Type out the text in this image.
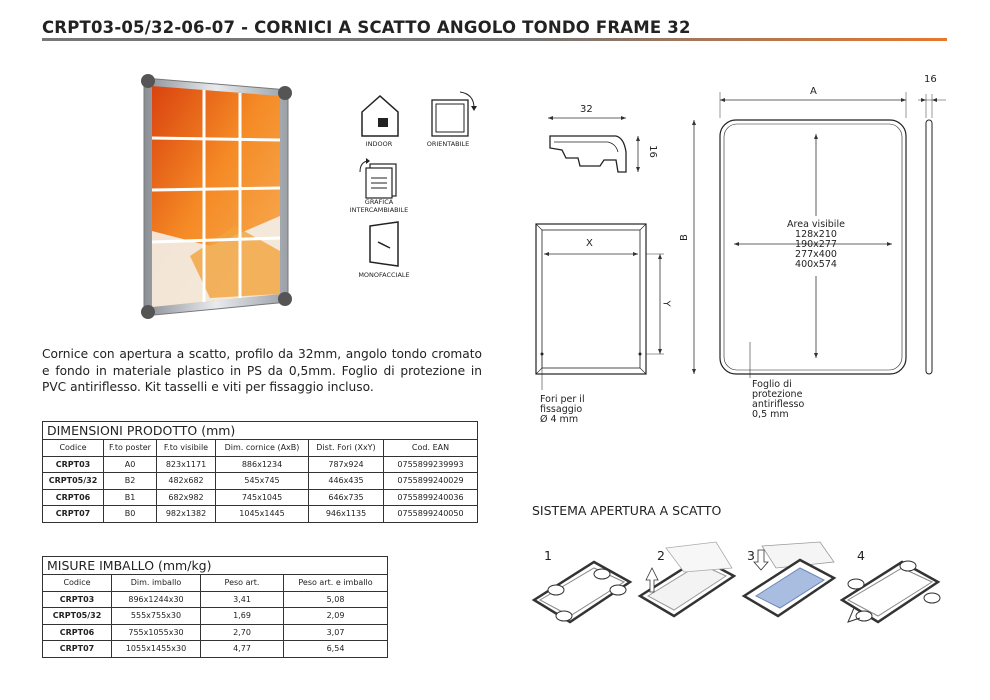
CRPT03-05/32-06-07 - CORNICI A SCATTO ANGOLO TONDO FRAME 32
INDOOR	ORIENTABILE
GRAFICA
INTERCAMBIABILE
MONOFACCIALE
Cornice con apertura a scatto, profilo da 32mm, angolo tondo cromato e fondo in materiale plastico in PS da 0,5mm. Foglio di protezione in PVC antiriflesso. Kit tasselli e viti per fissaggio incluso.
DIMENSIONI PRODOTTO (mm)					
Codice	F.to poster	F.to visibile	Dim. cornice (AxB)	Dist. Fori (XxY)	Cod. EAN
CRPT03	A0	823x1171	886x1234	787x924	0755899239993
CRPT05/32	B2	482x682	545x745	446x435	0755899240029
CRPT06	B1	682x982	745x1045	646x735	0755899240036
CRPT07	B0	982x1382	1045x1445	946x1135	0755899240050
MISURE IMBALLO (mm/kg)			
Codice	Dim. imballo	Peso art.	Peso art. e imballo
CRPT03	896x1244x30	3,41	5,08
CRPT05/32	555x755x30	1,69	2,09
CRPT06	755x1055x30	2,70	3,07
CRPT07	1055x1455x30	4,77	6,54
32
16
X
Y
Fori per il
fissaggio
Ø 4 mm
A
B
16
Area visibile
128x210
190x277
277x400
400x574
Foglio di
protezione
antiriflesso
0,5 mm
SISTEMA APERTURA A SCATTO
1	2	3	4
